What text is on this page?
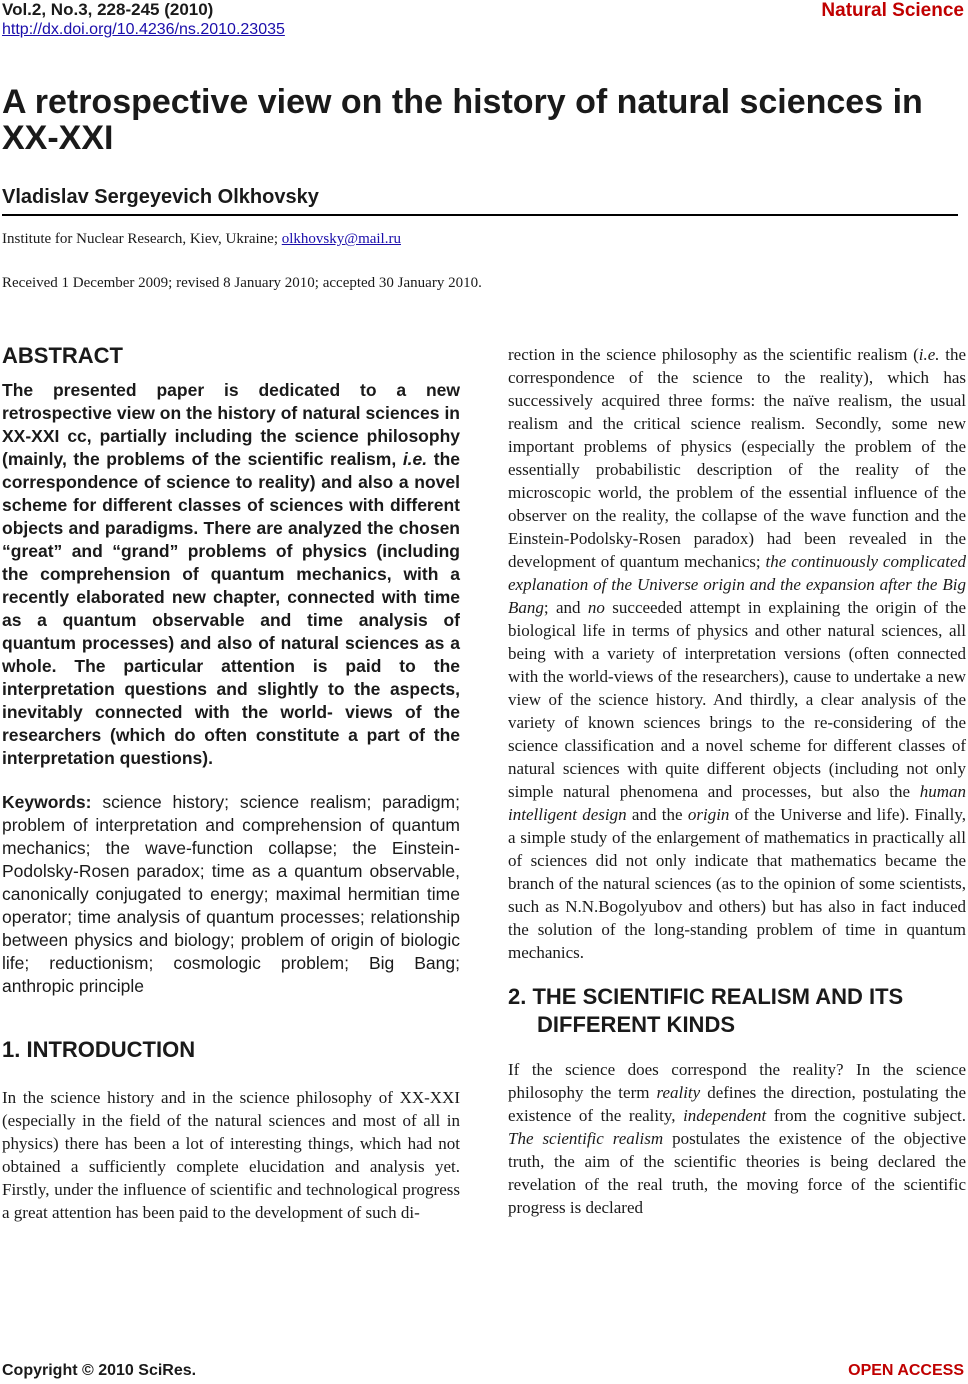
Vol.2, No.3, 228-245 (2010)
http://dx.doi.org/10.4236/ns.2010.23035
Natural Science
A retrospective view on the history of natural sciences in XX-XXI
Vladislav Sergeyevich Olkhovsky
Institute for Nuclear Research, Kiev, Ukraine; olkhovsky@mail.ru
Received 1 December 2009; revised 8 January 2010; accepted 30 January 2010.
ABSTRACT

The presented paper is dedicated to a new retrospective view on the history of natural sciences in XX-XXI cc, partially including the science philosophy (mainly, the problems of the scientific realism, i.e. the correspondence of science to reality) and also a novel scheme for different classes of sciences with different objects and paradigms. There are analyzed the chosen “great” and “grand” problems of physics (including the comprehension of quantum mechanics, with a recently elaborated new chapter, connected with time as a quantum observable and time analysis of quantum processes) and also of natural sciences as a whole. The particular attention is paid to the interpretation questions and slightly to the aspects, inevitably connected with the world- views of the researchers (which do often constitute a part of the interpretation questions).

Keywords: science history; science realism; paradigm; problem of interpretation and comprehension of quantum mechanics; the wave-function collapse; the Einstein-Podolsky-Rosen paradox; time as a quantum observable, canonically conjugated to energy; maximal hermitian time operator; time analysis of quantum processes; relationship between physics and biology; problem of origin of biologic life; reductionism; cosmologic problem; Big Bang; anthropic principle

1. INTRODUCTION

In the science history and in the science philosophy of XX-XXI (especially in the field of the natural sciences and most of all in physics) there has been a lot of interesting things, which had not obtained a sufficiently complete elucidation and analysis yet. Firstly, under the influence of scientific and technological progress a great attention has been paid to the development of such di-

rection in the science philosophy as the scientific realism (i.e. the correspondence of the science to the reality), which has successively acquired three forms: the naïve realism, the usual realism and the critical science realism. Secondly, some new important problems of physics (especially the problem of the essentially probabilistic description of the reality of the microscopic world, the problem of the essential influence of the observer on the reality, the collapse of the wave function and the Einstein-Podolsky-Rosen paradox) had been revealed in the development of quantum mechanics; the continuously complicated explanation of the Universe origin and the expansion after the Big Bang; and no succeeded attempt in explaining the origin of the biological life in terms of physics and other natural sciences, all being with a variety of interpretation versions (often connected with the world-views of the researchers), cause to undertake a new view of the science history. And thirdly, a clear analysis of the variety of known sciences brings to the re-considering of the science classification and a novel scheme for different classes of natural sciences with quite different objects (including not only simple natural phenomena and processes, but also the human intelligent design and the origin of the Universe and life). Finally, a simple study of the enlargement of mathematics in practically all of sciences did not only indicate that mathematics became the branch of the natural sciences (as to the opinion of some scientists, such as N.N.Bogolyubov and others) but has also in fact induced the solution of the long-standing problem of time in quantum mechanics.

2. THE SCIENTIFIC REALISM AND ITS DIFFERENT KINDS

If the science does correspond the reality? In the science philosophy the term reality defines the direction, postulating the existence of the reality, independent from the cognitive subject. The scientific realism postulates the existence of the objective truth, the aim of the scientific theories is being declared the revelation of the real truth, the moving force of the scientific progress is declared

Copyright © 2010 SciRes.	OPEN ACCESS
